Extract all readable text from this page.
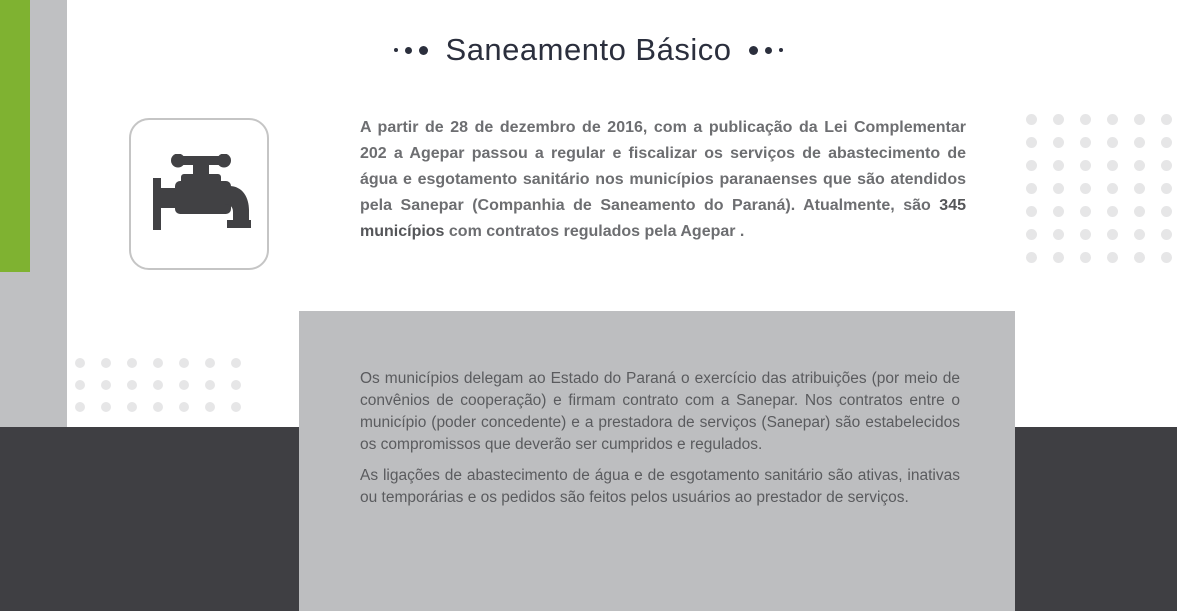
Saneamento Básico

A partir de 28 de dezembro de 2016, com a publicação da Lei Complementar 202 a Agepar passou a regular e fiscalizar os serviços de abastecimento de água e esgotamento sanitário nos municípios paranaenses que são atendidos pela Sanepar (Companhia de Saneamento do Paraná). Atualmente, são 345 municípios com contratos regulados pela Agepar .

Os municípios delegam ao Estado do Paraná o exercício das atribuições (por meio de convênios de cooperação) e firmam contrato com a Sanepar. Nos contratos entre o município (poder concedente) e a prestadora de serviços (Sanepar) são estabelecidos os compromissos que deverão ser cumpridos e regulados.

As ligações de abastecimento de água e de esgotamento sanitário são ativas, inativas ou temporárias e os pedidos são feitos pelos usuários ao prestador de serviços.
